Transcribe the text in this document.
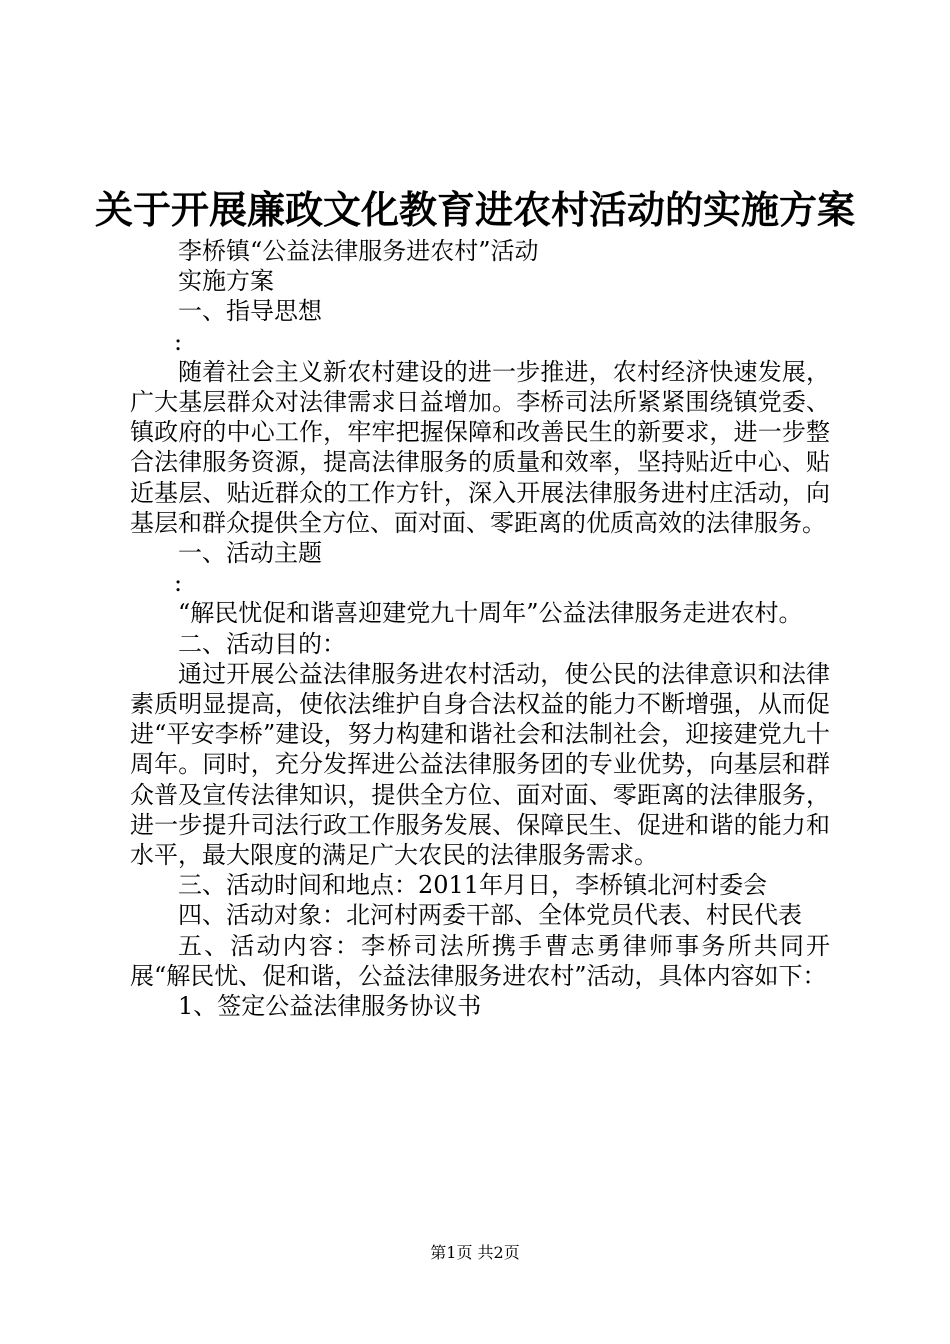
关于开展廉政文化教育进农村活动的实施方案

李桥镇“公益法律服务进农村”活动

实施方案

一、指导思想

:

随着社会主义新农村建设的进一步推进，农村经济快速发展，广大基层群众对法律需求日益增加。李桥司法所紧紧围绕镇党委、镇政府的中心工作，牢牢把握保障和改善民生的新要求，进一步整合法律服务资源，提高法律服务的质量和效率，坚持贴近中心、贴近基层、贴近群众的工作方针，深入开展法律服务进村庄活动，向基层和群众提供全方位、面对面、零距离的优质高效的法律服务。

一、活动主题

:

“解民忧促和谐喜迎建党九十周年”公益法律服务走进农村。

二、活动目的：

通过开展公益法律服务进农村活动，使公民的法律意识和法律素质明显提高，使依法维护自身合法权益的能力不断增强，从而促进“平安李桥”建设，努力构建和谐社会和法制社会，迎接建党九十周年。同时，充分发挥进公益法律服务团的专业优势，向基层和群众普及宣传法律知识，提供全方位、面对面、零距离的法律服务，进一步提升司法行政工作服务发展、保障民生、促进和谐的能力和水平，最大限度的满足广大农民的法律服务需求。

三、活动时间和地点：2011年月日，李桥镇北河村委会

四、活动对象：北河村两委干部、全体党员代表、村民代表

五、活动内容：李桥司法所携手曹志勇律师事务所共同开展“解民忧、促和谐，公益法律服务进农村”活动，具体内容如下：

1、签定公益法律服务协议书

第1页 共2页
